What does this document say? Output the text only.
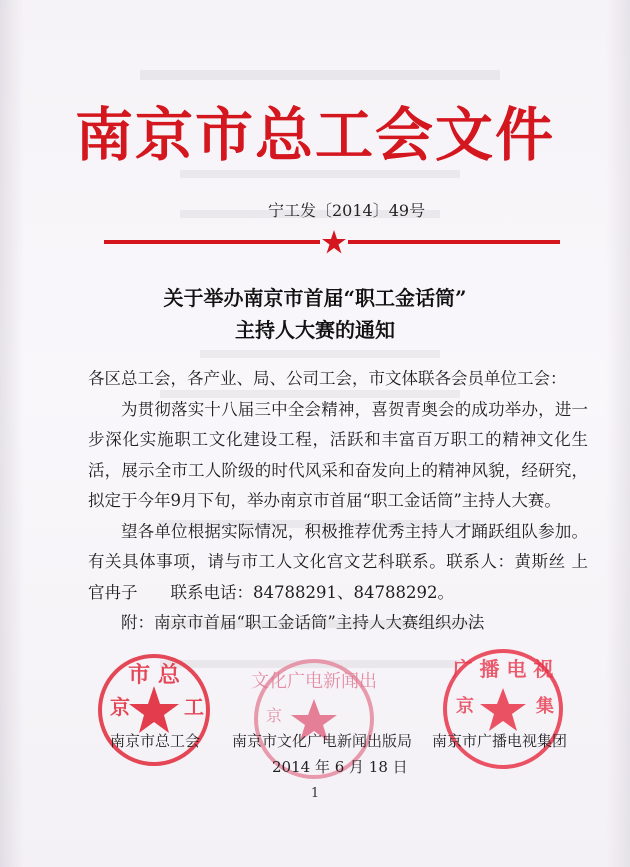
南京市总工会文件
宁工发〔2014〕49号
关于举办南京市首届“职工金话筒”
主持人大赛的通知
各区总工会，各产业、局、公司工会，市文体联各会员单位工会：

为贯彻落实十八届三中全会精神，喜贺青奥会的成功举办，进一步深化实施职工文化建设工程，活跃和丰富百万职工的精神文化生活，展示全市工人阶级的时代风采和奋发向上的精神风貌，经研究，拟定于今年9月下旬，举办南京市首届“职工金话筒”主持人大赛。

望各单位根据实际情况，积极推荐优秀主持人才踊跃组队参加。有关具体事项，请与市工人文化宫文艺科联系。联系人：黄斯丝 上官冉子　　联系电话：84788291、84788292。

附：南京市首届“职工金话筒”主持人大赛组织办法

市 总
京	工
文化广电新闻出
京
广 播 电 视
京	集
南京市总工会 南京市文化广电新闻出版局 南京市广播电视集团
2014 年 6 月 18 日
1
